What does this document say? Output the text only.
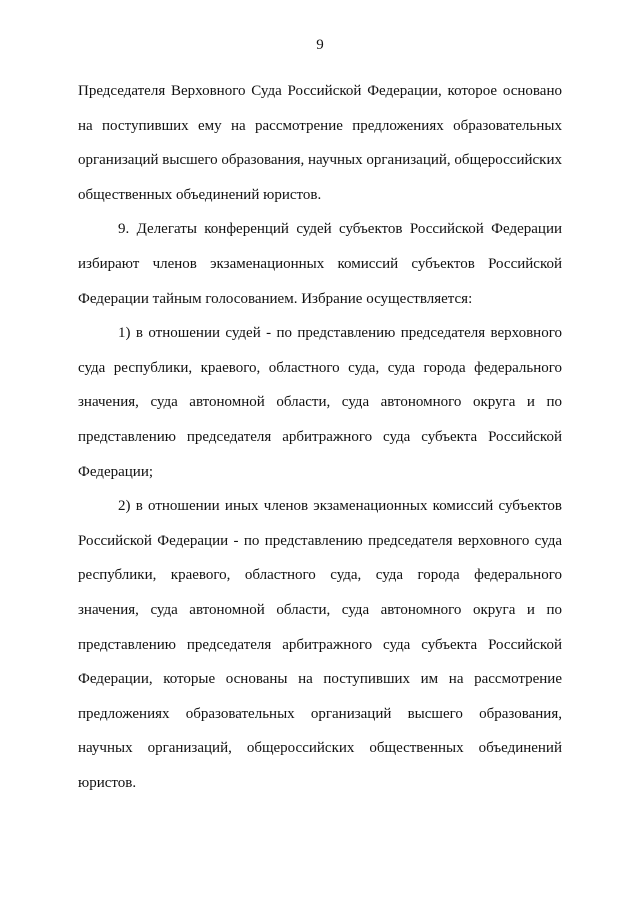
9

Председателя Верховного Суда Российской Федерации, которое основано на поступивших ему на рассмотрение предложениях образовательных организаций высшего образования, научных организаций, общероссийских общественных объединений юристов.

9. Делегаты конференций судей субъектов Российской Федерации избирают членов экзаменационных комиссий субъектов Российской Федерации тайным голосованием. Избрание осуществляется:

1) в отношении судей - по представлению председателя верховного суда республики, краевого, областного суда, суда города федерального значения, суда автономной области, суда автономного округа и по представлению председателя арбитражного суда субъекта Российской Федерации;

2) в отношении иных членов экзаменационных комиссий субъектов Российской Федерации - по представлению председателя верховного суда республики, краевого, областного суда, суда города федерального значения, суда автономной области, суда автономного округа и по представлению председателя арбитражного суда субъекта Российской Федерации, которые основаны на поступивших им на рассмотрение предложениях образовательных организаций высшего образования, научных организаций, общероссийских общественных объединений юристов.
